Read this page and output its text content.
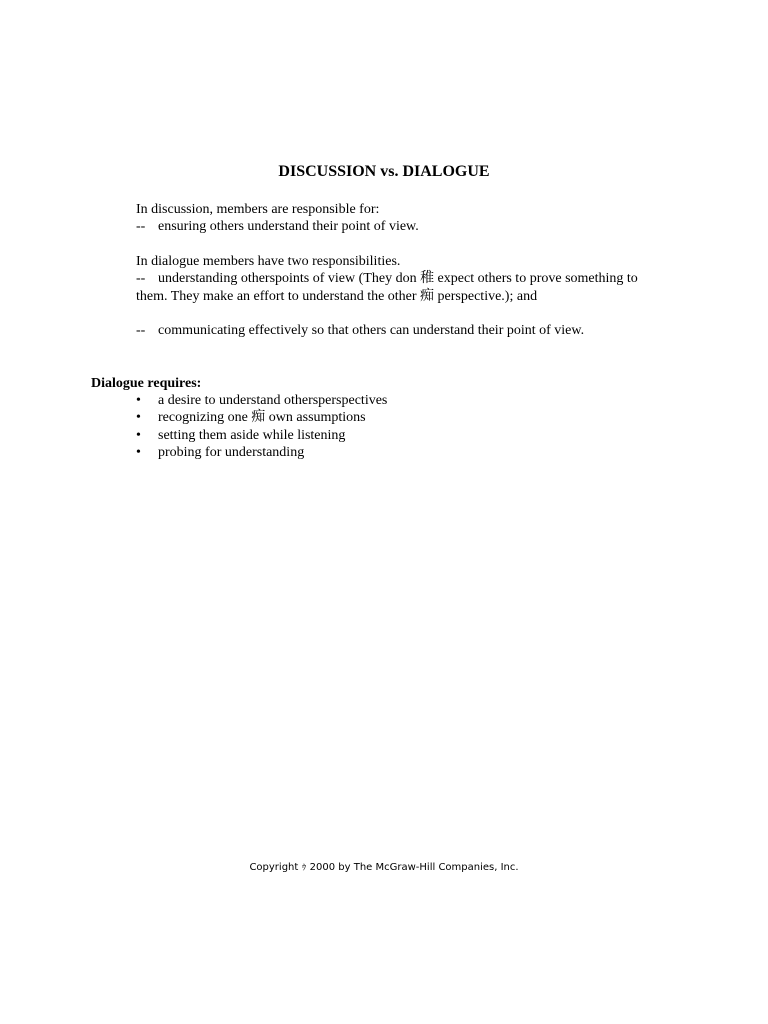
DISCUSSION vs. DIALOGUE
In discussion, members are responsible for:
-- ensuring others understand their point of view.
In dialogue members have two responsibilities.
-- understanding otherspoints of view (They don 稚 expect others to prove something to
them. They make an effort to understand the other 痴 perspective.); and
-- communicating effectively so that others can understand their point of view.
Dialogue requires:
• a desire to understand othersperspectives
• recognizing one 痴 own assumptions
• setting them aside while listening
• probing for understanding
Copyright ｩ 2000 by The McGraw-Hill Companies, Inc.
